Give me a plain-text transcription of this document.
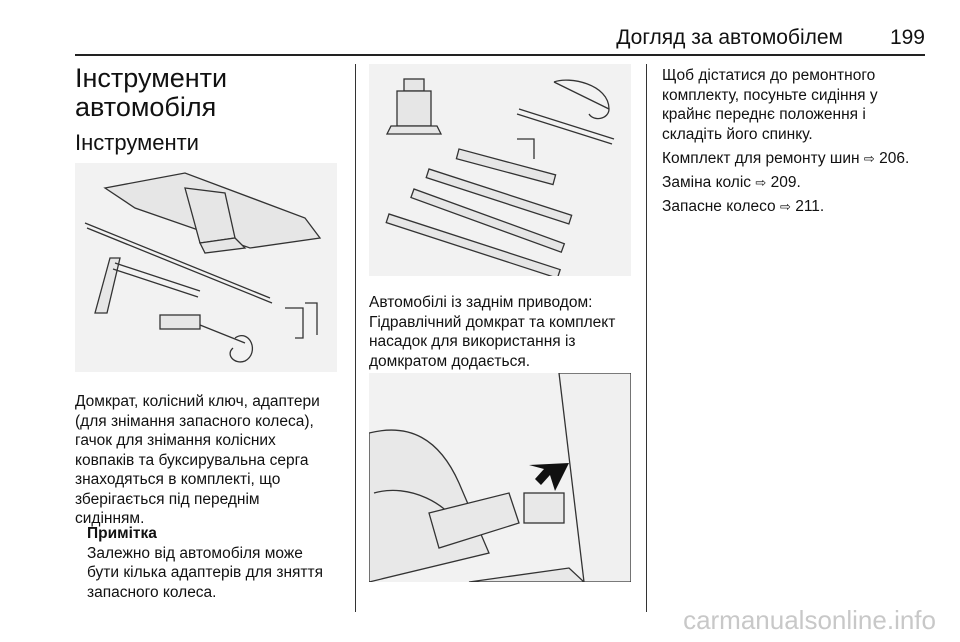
Догляд за автомобілем 199
Інструменти
автомобіля
Інструменти
Домкрат, колісний ключ, адаптери
(для знімання запасного колеса),
гачок для знімання колісних
ковпаків та буксирувальна серга
знаходяться в комплекті, що
зберігається під переднім
сидінням.
Примітка
Залежно від автомобіля може
бути кілька адаптерів для зняття
запасного колеса.
Автомобілі із заднім приводом:
Гідравлічний домкрат та комплект
насадок для використання із
домкратом додається.
Щоб дістатися до ремонтного
комплекту, посуньте сидіння у
крайнє переднє положення і
складіть його спинку.
Комплект для ремонту шин ⇨ 206.
Заміна коліс ⇨ 209.
Запасне колесо ⇨ 211.
carmanualsonline.info
